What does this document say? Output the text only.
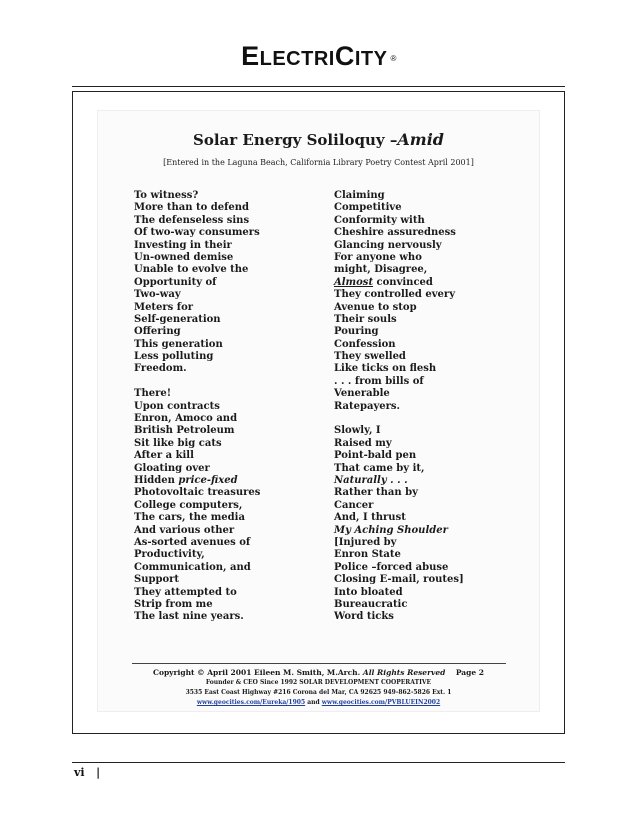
ELECTRICITY ®
Solar Energy Soliloquy –Amid
[Entered in the Laguna Beach, California Library Poetry Contest April 2001]
To witness?
More than to defend
The defenseless sins
Of two-way consumers
Investing in their
Un-owned demise
Unable to evolve the
Opportunity of
Two-way
Meters for
Self-generation
Offering
This generation
Less polluting
Freedom.
There!
Upon contracts
Enron, Amoco and
British Petroleum
Sit like big cats
After a kill
Gloating over
Hidden price-fixed
Photovoltaic treasures
College computers,
The cars, the media
And various other
As-sorted avenues of
Productivity,
Communication, and
Support
They attempted to
Strip from me
The last nine years.
Claiming
Competitive
Conformity with
Cheshire assuredness
Glancing nervously
For anyone who
might, Disagree,
Almost convinced
They controlled every
Avenue to stop
Their souls
Pouring
Confession
They swelled
Like ticks on flesh
. . . from bills of
Venerable
Ratepayers.
Slowly, I
Raised my
Point-bald pen
That came by it,
Naturally . . .
Rather than by
Cancer
And, I thrust
My Aching Shoulder
[Injured by
Enron State
Police –forced abuse
Closing E-mail, routes]
Into bloated
Bureaucratic
Word ticks
Copyright © April 2001 Eileen M. Smith, M.Arch. All Rights Reserved Page 2
Founder & CEO Since 1992 SOLAR DEVELOPMENT COOPERATIVE
3535 East Coast Highway #216 Corona del Mar, CA 92625 949-862-5826 Ext. 1
www.geocities.com/Eureka/1905 and www.geocities.com/PVBLUEIN2002
vi |
